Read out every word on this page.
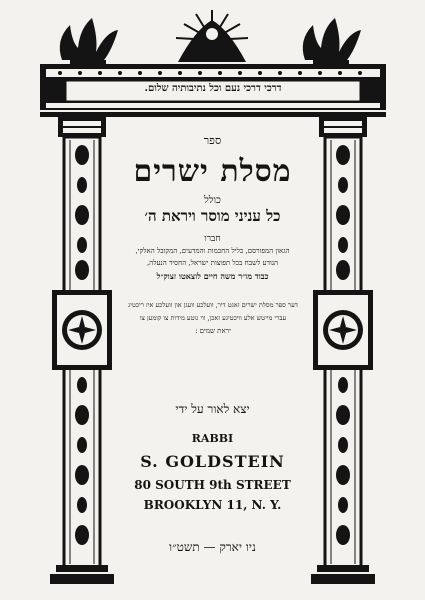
דרכי דרכי נעם וכל נתיבותיה שלום.
ספר
מסלת ישרים
כולל
כל עניני מוסר ויראת ה׳
חברו
הגאון המפורסם, כליל החכמות והמדעים, המקובל האלקי,
הנודע לשבח בכל תפוצות ישראל, החסיד הנעלה,
כבוד מו״ר משה חיים לוצאטו זצוק״ל
דער ספר מסלת ישרים זאגט דיר, וועלכע וועגן און וועלכע איז ריכטיג
עברי מייטש אלע וויכטיגע זאכן, ווי גוטע מידות צו קומען צו
יראת שמים :
יצא לאור על ידי
RABBI
S. GOLDSTEIN
80 SOUTH 9th STREET
BROOKLYN 11, N. Y.
ניו יארק — תשט״ו
